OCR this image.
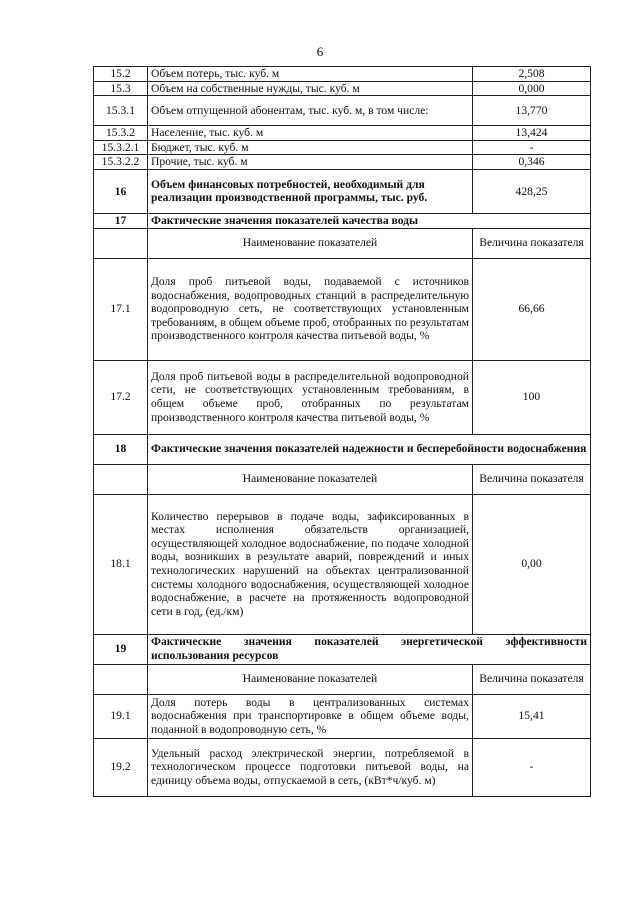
6
15.2	Объем потерь, тыс. куб. м	2,508
15.3	Объем на собственные нужды, тыс. куб. м	0,000
15.3.1	Объем отпущенной абонентам, тыс. куб. м, в том числе:	13,770
15.3.2	Население, тыс. куб. м	13,424
15.3.2.1	Бюджет, тыс. куб. м	-
15.3.2.2	Прочие, тыс. куб. м	0,346
16	Объем финансовых потребностей, необходимый для реализации производственной программы, тыс. руб.	428,25
17	Фактические значения показателей качества воды	
	Наименование показателей	Величина показателя
17.1	Доля проб питьевой воды, подаваемой с источников водоснабжения, водопроводных станций в распределительную водопроводную сеть, не соответствующих установленным требованиям, в общем объеме проб, отобранных по результатам производственного контроля качества питьевой воды, %	66,66
17.2	Доля проб питьевой воды в распределительной водопроводной сети, не соответствующих установленным требованиям, в общем объеме проб, отобранных по результатам производственного контроля качества питьевой воды, %	100
18	Фактические значения показателей надежности и бесперебойности водоснабжения	
	Наименование показателей	Величина показателя
18.1	Количество перерывов в подаче воды, зафиксированных в местах исполнения обязательств организацией, осуществляющей холодное водоснабжение, по подаче холодной воды, возникших в результате аварий, повреждений и иных технологических нарушений на объектах централизованной системы холодного водоснабжения, осуществляющей холодное водоснабжение, в расчете на протяженность водопроводной сети в год, (ед./км)	0,00
19	Фактические значения показателей энергетической эффективности использования ресурсов	
	Наименование показателей	Величина показателя
19.1	Доля потерь воды в централизованных системах водоснабжения при транспортировке в общем объеме воды, поданной в водопроводную сеть, %	15,41
19.2	Удельный расход электрической энергии, потребляемой в технологическом процессе подготовки питьевой воды, на единицу объема воды, отпускаемой в сеть, (кВт*ч/куб. м)	-
